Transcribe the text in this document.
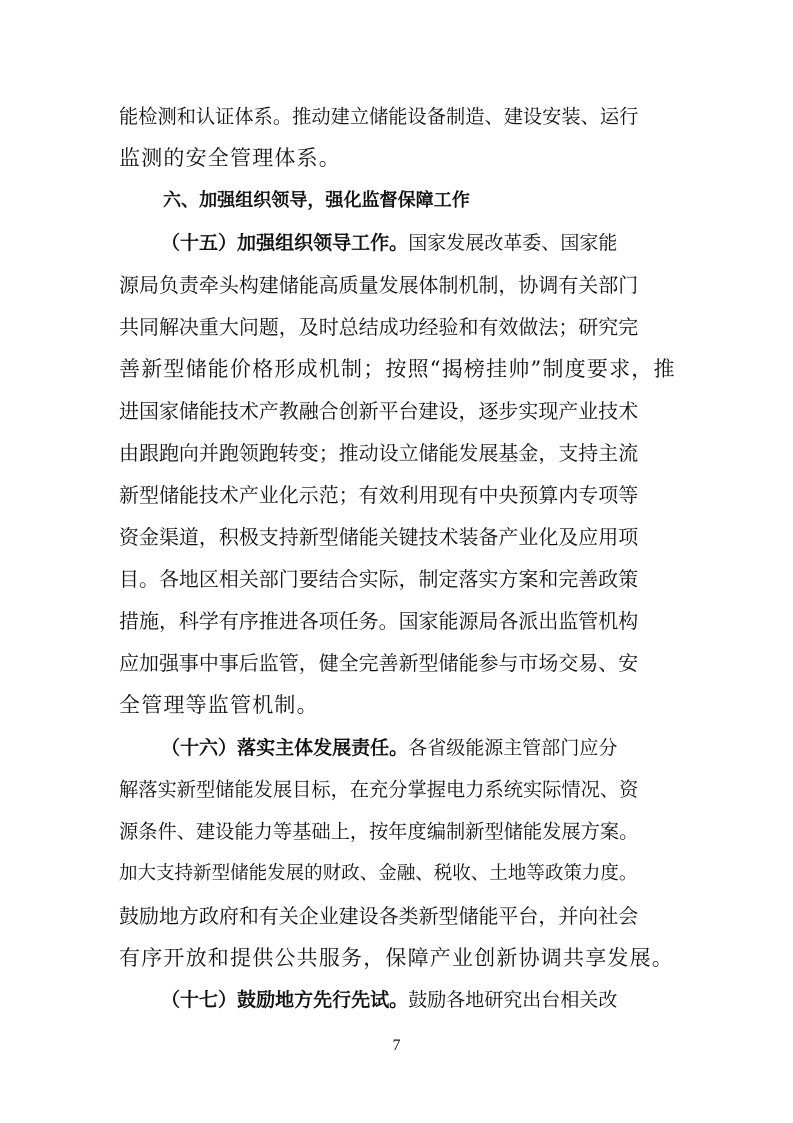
能检测和认证体系。推动建立储能设备制造、建设安装、运行
监测的安全管理体系。
六、加强组织领导，强化监督保障工作
（十五）加强组织领导工作。国家发展改革委、国家能
源局负责牵头构建储能高质量发展体制机制，协调有关部门
共同解决重大问题，及时总结成功经验和有效做法；研究完
善新型储能价格形成机制；按照“揭榜挂帅”制度要求，推
进国家储能技术产教融合创新平台建设，逐步实现产业技术
由跟跑向并跑领跑转变；推动设立储能发展基金，支持主流
新型储能技术产业化示范；有效利用现有中央预算内专项等
资金渠道，积极支持新型储能关键技术装备产业化及应用项
目。各地区相关部门要结合实际，制定落实方案和完善政策
措施，科学有序推进各项任务。国家能源局各派出监管机构
应加强事中事后监管，健全完善新型储能参与市场交易、安
全管理等监管机制。
（十六）落实主体发展责任。各省级能源主管部门应分
解落实新型储能发展目标，在充分掌握电力系统实际情况、资
源条件、建设能力等基础上，按年度编制新型储能发展方案。
加大支持新型储能发展的财政、金融、税收、土地等政策力度。
鼓励地方政府和有关企业建设各类新型储能平台，并向社会
有序开放和提供公共服务，保障产业创新协调共享发展。
（十七）鼓励地方先行先试。鼓励各地研究出台相关改
7
